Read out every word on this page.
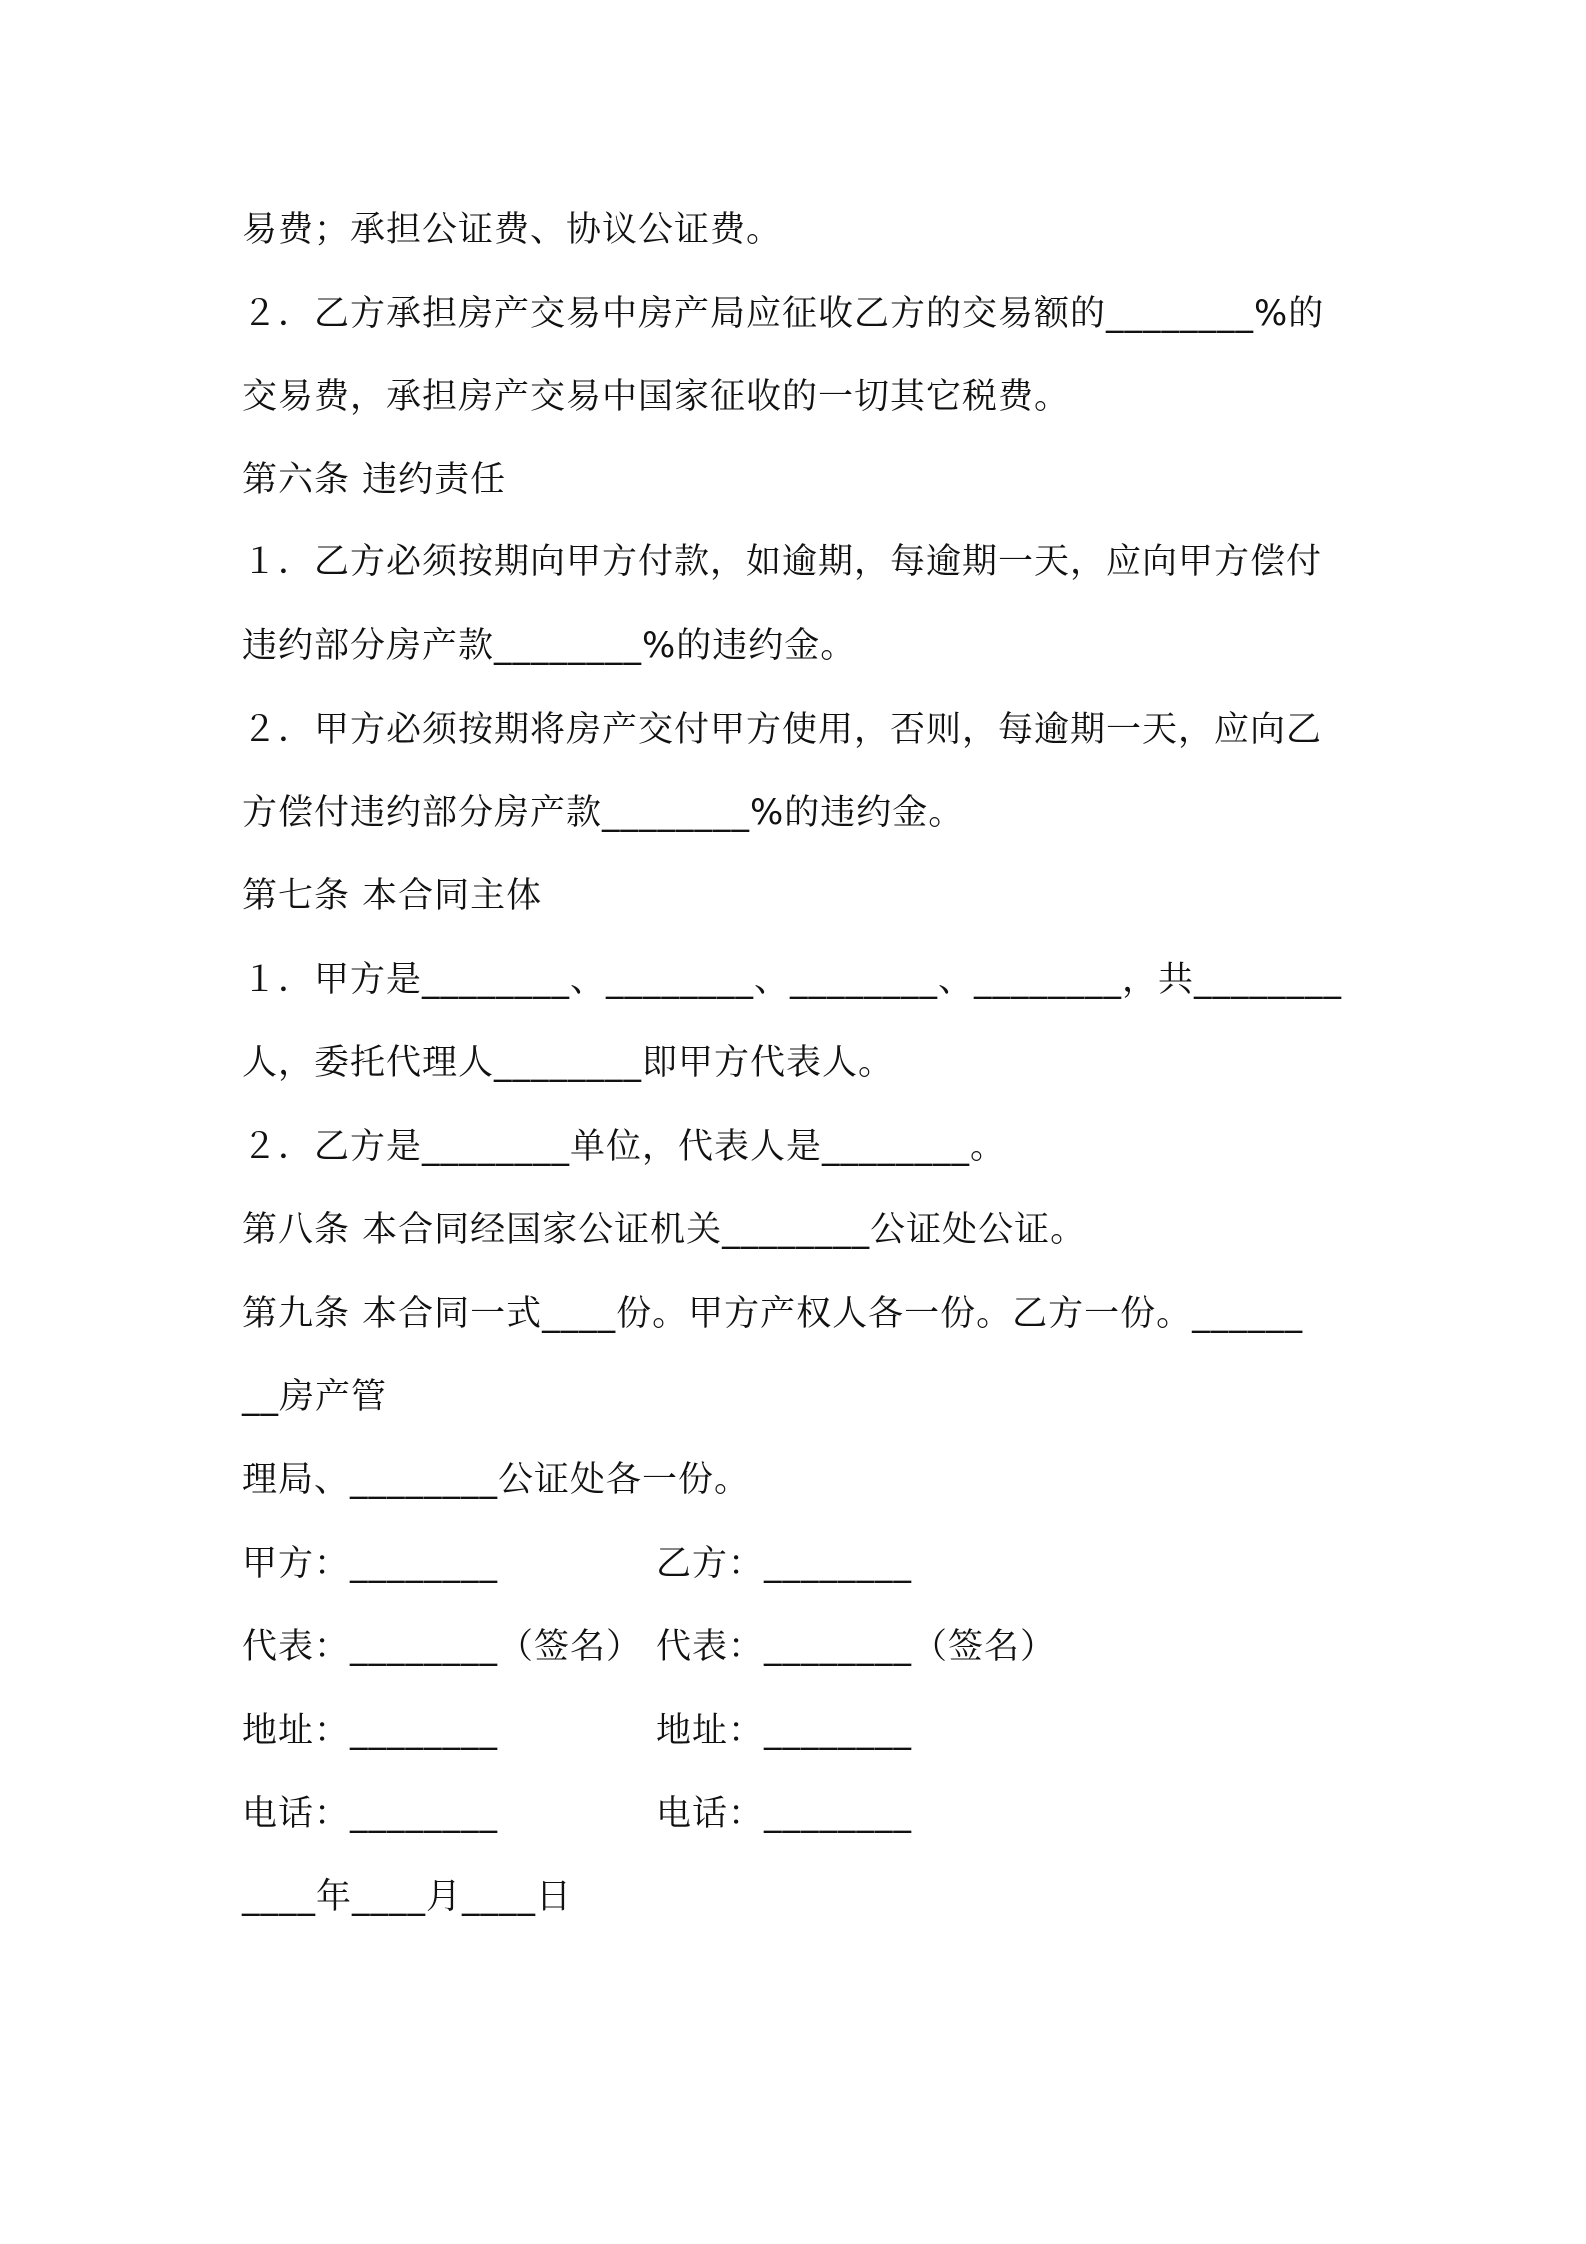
易费；承担公证费、协议公证费。
２．乙方承担房产交易中房产局应征收乙方的交易额的________%的
交易费，承担房产交易中国家征收的一切其它税费。
第六条 违约责任
１．乙方必须按期向甲方付款，如逾期，每逾期一天，应向甲方偿付
违约部分房产款________%的违约金。
２．甲方必须按期将房产交付甲方使用，否则，每逾期一天，应向乙
方偿付违约部分房产款________%的违约金。
第七条 本合同主体
１．甲方是________、________、________、________，共________
人，委托代理人________即甲方代表人。
２．乙方是________单位，代表人是________。
第八条 本合同经国家公证机关________公证处公证。
第九条 本合同一式____份。甲方产权人各一份。乙方一份。______
__房产管
理局、________公证处各一份。
甲方：________	乙方：________
代表：________（签名） 代表：________（签名）
地址：________	地址：________
电话：________	电话：________
____年____月____日
